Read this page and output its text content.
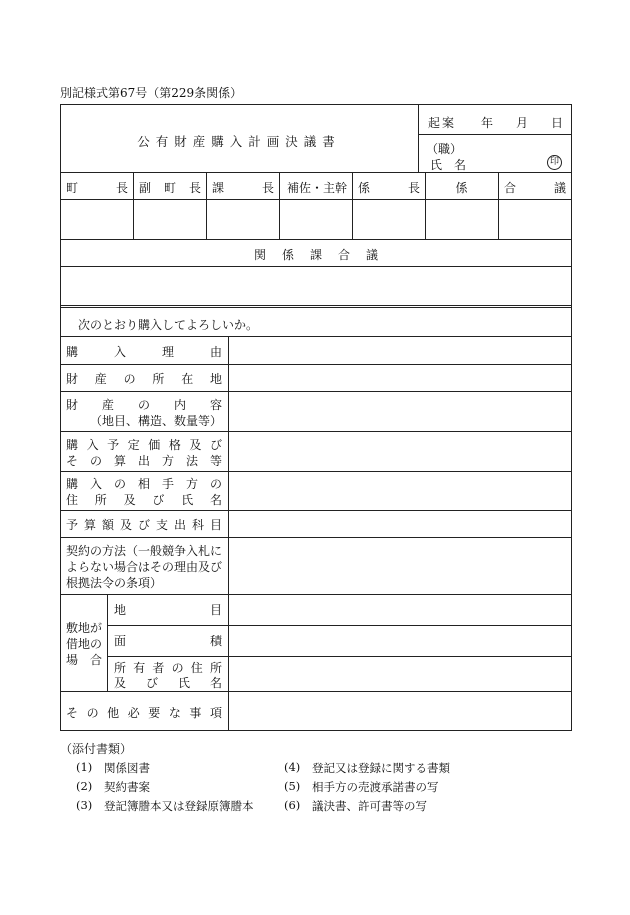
別記様式第67号（第229条関係）
公有財産購入計画決議書
起案 年 月 日
（職）
氏　名	印
町長 副町長 課長 補佐・主幹 係長	係	合議
関係課合議
次のとおり購入してよろしいか。
購入理由
財産の所在地
財産の内容
（地目、構造、数量等）
購入予定価格及び
その算出方法等
購入の相手方の
住所及び氏名
予算額及び支出科目
契約の方法（一般競争入札に
よらない場合はその理由及び
根拠法令の条項）
敷地が
借地の
場　合
地目
面積
所有者の住所
及び氏名
その他必要な事項
（添付書類）
(1) 関係図書
(2) 契約書案
(3) 登記簿謄本又は登録原簿謄本
(4) 登記又は登録に関する書類
(5) 相手方の売渡承諾書の写
(6) 議決書、許可書等の写
